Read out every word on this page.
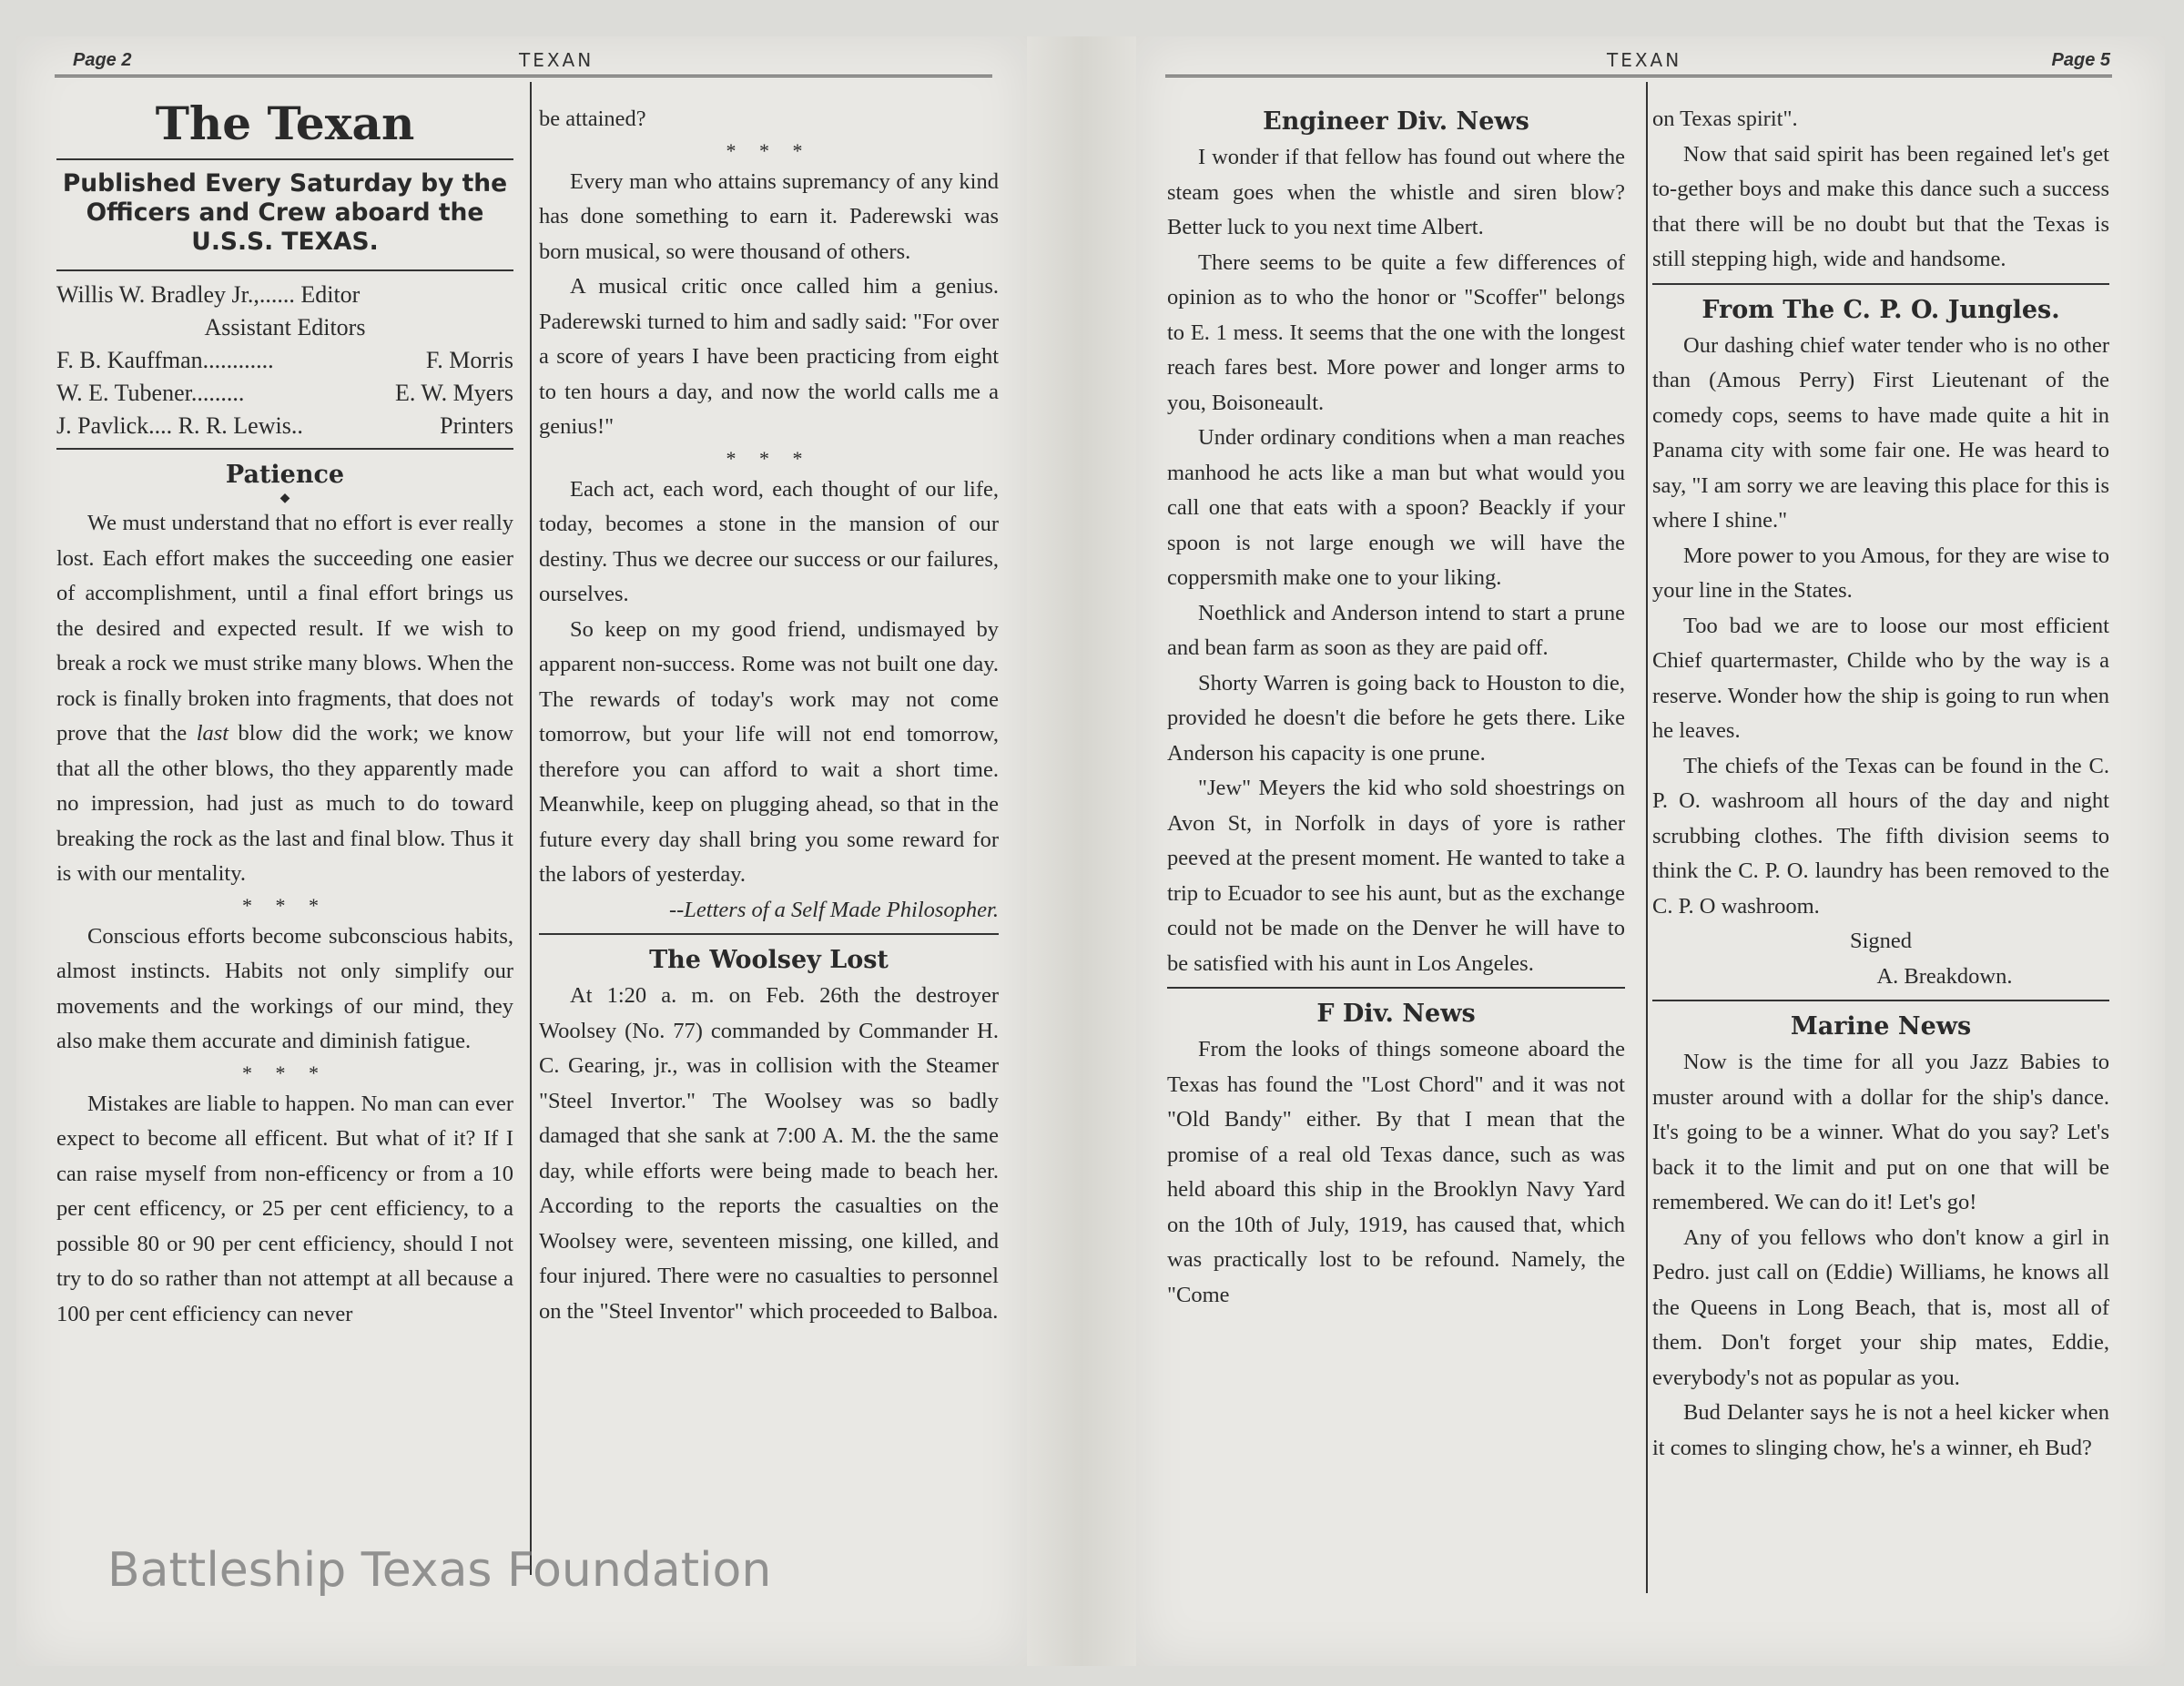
Page 2	TEXAN	TEXAN	Page 5
The Texan
Published Every Saturday by the Officers and Crew aboard the U.S.S. TEXAS.
Willis W. Bradley Jr.,...... Editor
Assistant Editors
F. B. Kauffman............	F. Morris
W. E. Tubener.........	E. W. Myers
J. Pavlick.... R. R. Lewis..	Printers
Patience
◆

We must understand that no effort is ever really lost. Each effort makes the succeeding one easier of accomplishment, until a final effort brings us the desired and expected result. If we wish to break a rock we must strike many blows. When the rock is finally broken into fragments, that does not prove that the last blow did the work; we know that all the other blows, tho they apparently made no impression, had just as much to do toward breaking the rock as the last and final blow. Thus it is with our mentality.

* * *

Conscious efforts become subconscious habits, almost instincts. Habits not only simplify our movements and the workings of our mind, they also make them accurate and diminish fatigue.

* * *

Mistakes are liable to happen. No man can ever expect to become all efficent. But what of it? If I can raise myself from non-efficency or from a 10 per cent efficency, or 25 per cent efficiency, to a possible 80 or 90 per cent efficiency, should I not try to do so rather than not attempt at all because a 100 per cent efficiency can never

be attained?

* * *

Every man who attains supremancy of any kind has done something to earn it. Paderewski was born musical, so were thousand of others.

A musical critic once called him a genius. Paderewski turned to him and sadly said: "For over a score of years I have been practicing from eight to ten hours a day, and now the world calls me a genius!"

* * *

Each act, each word, each thought of our life, today, becomes a stone in the mansion of our destiny. Thus we decree our success or our failures, ourselves.

So keep on my good friend, undismayed by apparent non-success. Rome was not built one day. The rewards of today's work may not come tomorrow, but your life will not end tomorrow, therefore you can afford to wait a short time. Meanwhile, keep on plugging ahead, so that in the future every day shall bring you some reward for the labors of yesterday.

--Letters of a Self Made Philosopher.
The Woolsey Lost

At 1:20 a. m. on Feb. 26th the destroyer Woolsey (No. 77) commanded by Commander H. C. Gearing, jr., was in collision with the Steamer "Steel Invertor." The Woolsey was so badly damaged that she sank at 7:00 A. M. the the same day, while efforts were being made to beach her. According to the reports the casualties on the Woolsey were, seventeen missing, one killed, and four injured. There were no casualties to personnel on the "Steel Inventor" which proceeded to Balboa.

Engineer Div. News

I wonder if that fellow has found out where the steam goes when the whistle and siren blow? Better luck to you next time Albert.

There seems to be quite a few differences of opinion as to who the honor or "Scoffer" belongs to E. 1 mess. It seems that the one with the longest reach fares best. More power and longer arms to you, Boisoneault.

Under ordinary conditions when a man reaches manhood he acts like a man but what would you call one that eats with a spoon? Beackly if your spoon is not large enough we will have the coppersmith make one to your liking.

Noethlick and Anderson intend to start a prune and bean farm as soon as they are paid off.

Shorty Warren is going back to Houston to die, provided he doesn't die before he gets there. Like Anderson his capacity is one prune.

"Jew" Meyers the kid who sold shoestrings on Avon St, in Norfolk in days of yore is rather peeved at the present moment. He wanted to take a trip to Ecuador to see his aunt, but as the exchange could not be made on the Denver he will have to be satisfied with his aunt in Los Angeles.

F Div. News

From the looks of things someone aboard the Texas has found the "Lost Chord" and it was not "Old Bandy" either. By that I mean that the promise of a real old Texas dance, such as was held aboard this ship in the Brooklyn Navy Yard on the 10th of July, 1919, has caused that, which was practically lost to be refound. Namely, the "Come

on Texas spirit".

Now that said spirit has been regained let's get to-gether boys and make this dance such a success that there will be no doubt but that the Texas is still stepping high, wide and handsome.

From The C. P. O. Jungles.

Our dashing chief water tender who is no other than (Amous Perry) First Lieutenant of the comedy cops, seems to have made quite a hit in Panama city with some fair one. He was heard to say, "I am sorry we are leaving this place for this is where I shine."

More power to you Amous, for they are wise to your line in the States.

Too bad we are to loose our most efficient Chief quartermaster, Childe who by the way is a reserve. Wonder how the ship is going to run when he leaves.

The chiefs of the Texas can be found in the C. P. O. washroom all hours of the day and night scrubbing clothes. The fifth division seems to think the C. P. O. laundry has been removed to the C. P. O washroom.

Signed
A. Breakdown.
Marine News

Now is the time for all you Jazz Babies to muster around with a dollar for the ship's dance. It's going to be a winner. What do you say? Let's back it to the limit and put on one that will be remembered. We can do it! Let's go!

Any of you fellows who don't know a girl in Pedro. just call on (Eddie) Williams, he knows all the Queens in Long Beach, that is, most all of them. Don't forget your ship mates, Eddie, everybody's not as popular as you.

Bud Delanter says he is not a heel kicker when it comes to slinging chow, he's a winner, eh Bud?

Battleship Texas Foundation
